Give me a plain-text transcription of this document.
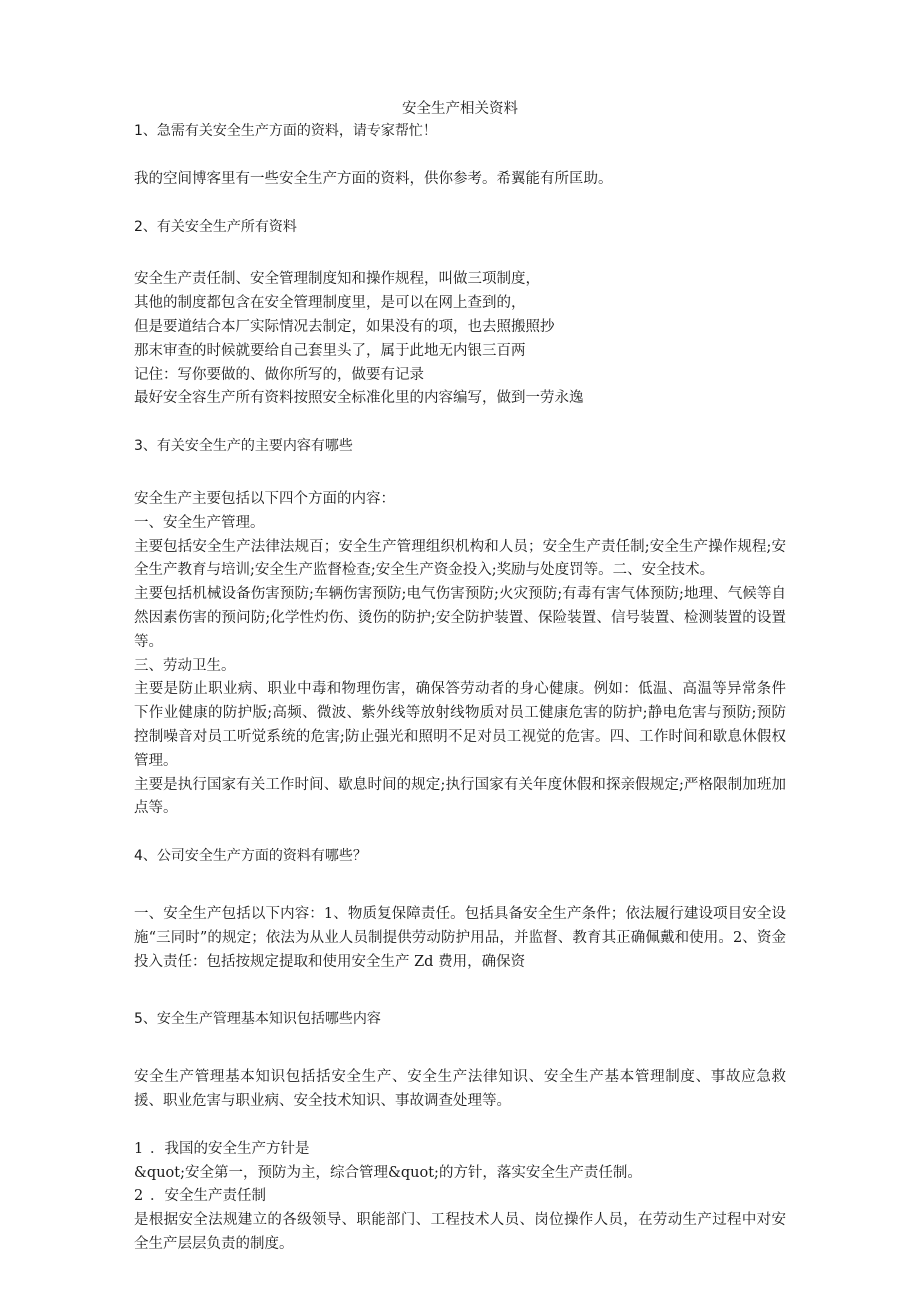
安全生产相关资料

1、急需有关安全生产方面的资料，请专家帮忙！

我的空间博客里有一些安全生产方面的资料，供你参考。希翼能有所匡助。

2、有关安全生产所有资料

安全生产责任制、安全管理制度知和操作规程，叫做三项制度，

其他的制度都包含在安全管理制度里，是可以在网上查到的，

但是要道结合本厂实际情况去制定，如果没有的项，也去照搬照抄

那末审查的时候就要给自己套里头了，属于此地无内银三百两

记住：写你要做的、做你所写的，做要有记录

最好安全容生产所有资料按照安全标准化里的内容编写，做到一劳永逸

3、有关安全生产的主要内容有哪些

安全生产主要包括以下四个方面的内容：

一、安全生产管理。

主要包括安全生产法律法规百；安全生产管理组织机构和人员；安全生产责任制;安全生产操作规程;安全生产教育与培训;安全生产监督检查;安全生产资金投入;奖励与处度罚等。二、安全技术。

主要包括机械设备伤害预防;车辆伤害预防;电气伤害预防;火灾预防;有毒有害气体预防;地理、气候等自然因素伤害的预问防;化学性灼伤、烫伤的防护;安全防护装置、保险装置、信号装置、检测装置的设置等。

三、劳动卫生。

主要是防止职业病、职业中毒和物理伤害，确保答劳动者的身心健康。例如：低温、高温等异常条件下作业健康的防护版;高频、微波、紫外线等放射线物质对员工健康危害的防护;静电危害与预防;预防控制噪音对员工听觉系统的危害;防止强光和照明不足对员工视觉的危害。四、工作时间和歇息休假权管理。

主要是执行国家有关工作时间、歇息时间的规定;执行国家有关年度休假和探亲假规定;严格限制加班加点等。

4、公司安全生产方面的资料有哪些？

一、安全生产包括以下内容：1、物质复保障责任。包括具备安全生产条件；依法履行建设项目安全设施“三同时”的规定；依法为从业人员制提供劳动防护用品，并监督、教育其正确佩戴和使用。2、资金投入责任：包括按规定提取和使用安全生产 Zd 费用，确保资

5、安全生产管理基本知识包括哪些内容

安全生产管理基本知识包括括安全生产、安全生产法律知识、安全生产基本管理制度、事故应急救援、职业危害与职业病、安全技术知识、事故调查处理等。

1 ．我国的安全生产方针是

&quot;安全第一，预防为主，综合管理&quot;的方针，落实安全生产责任制。

2 ．安全生产责任制

是根据安全法规建立的各级领导、职能部门、工程技术人员、岗位操作人员，在劳动生产过程中对安全生产层层负责的制度。
